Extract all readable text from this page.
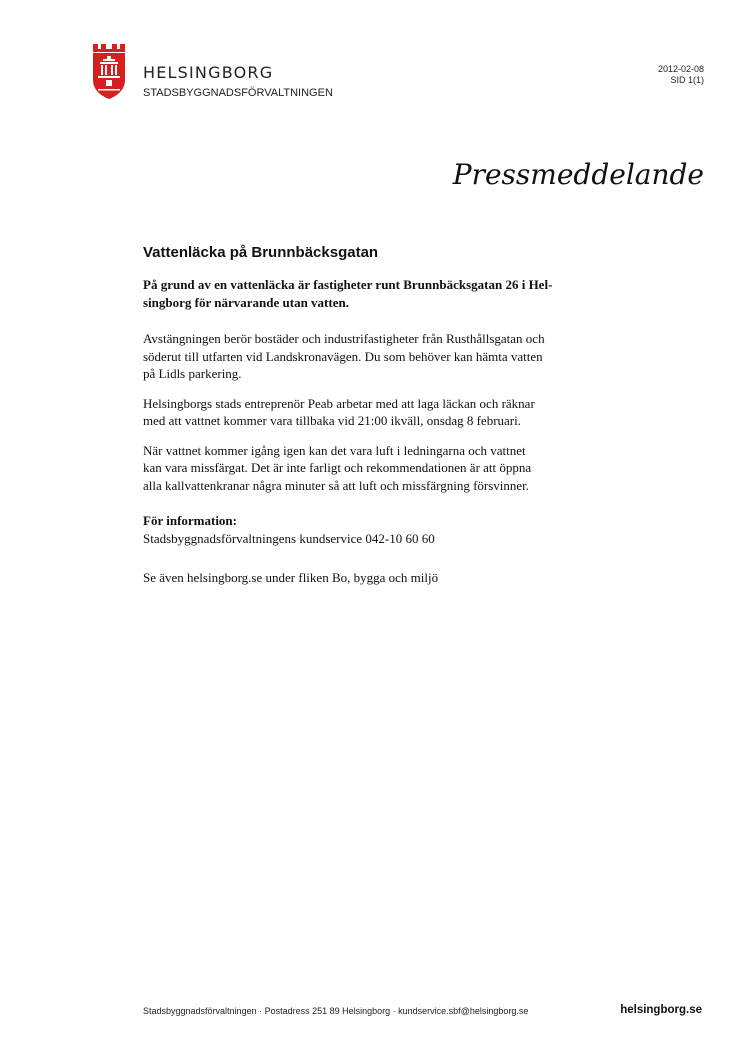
HELSINGBORG
STADSBYGGNADSFÖRVALTNINGEN
2012-02-08
SID 1(1)
Pressmeddelande
Vattenläcka på Brunnbäcksgatan

På grund av en vattenläcka är fastigheter runt Brunnbäcksgatan 26 i Hel-
singborg för närvarande utan vatten.

Avstängningen berör bostäder och industrifastigheter från Rusthållsgatan och
söderut till utfarten vid Landskronavägen. Du som behöver kan hämta vatten
på Lidls parkering.

Helsingborgs stads entreprenör Peab arbetar med att laga läckan och räknar
med att vattnet kommer vara tillbaka vid 21:00 ikväll, onsdag 8 februari.

När vattnet kommer igång igen kan det vara luft i ledningarna och vattnet
kan vara missfärgat. Det är inte farligt och rekommendationen är att öppna
alla kallvattenkranar några minuter så att luft och missfärgning försvinner.

För information:
Stadsbyggnadsförvaltningens kundservice 042-10 60 60

Se även helsingborg.se under fliken Bo, bygga och miljö

Stadsbyggnadsförvaltningen · Postadress 251 89 Helsingborg · kundservice.sbf@helsingborg.se	helsingborg.se
